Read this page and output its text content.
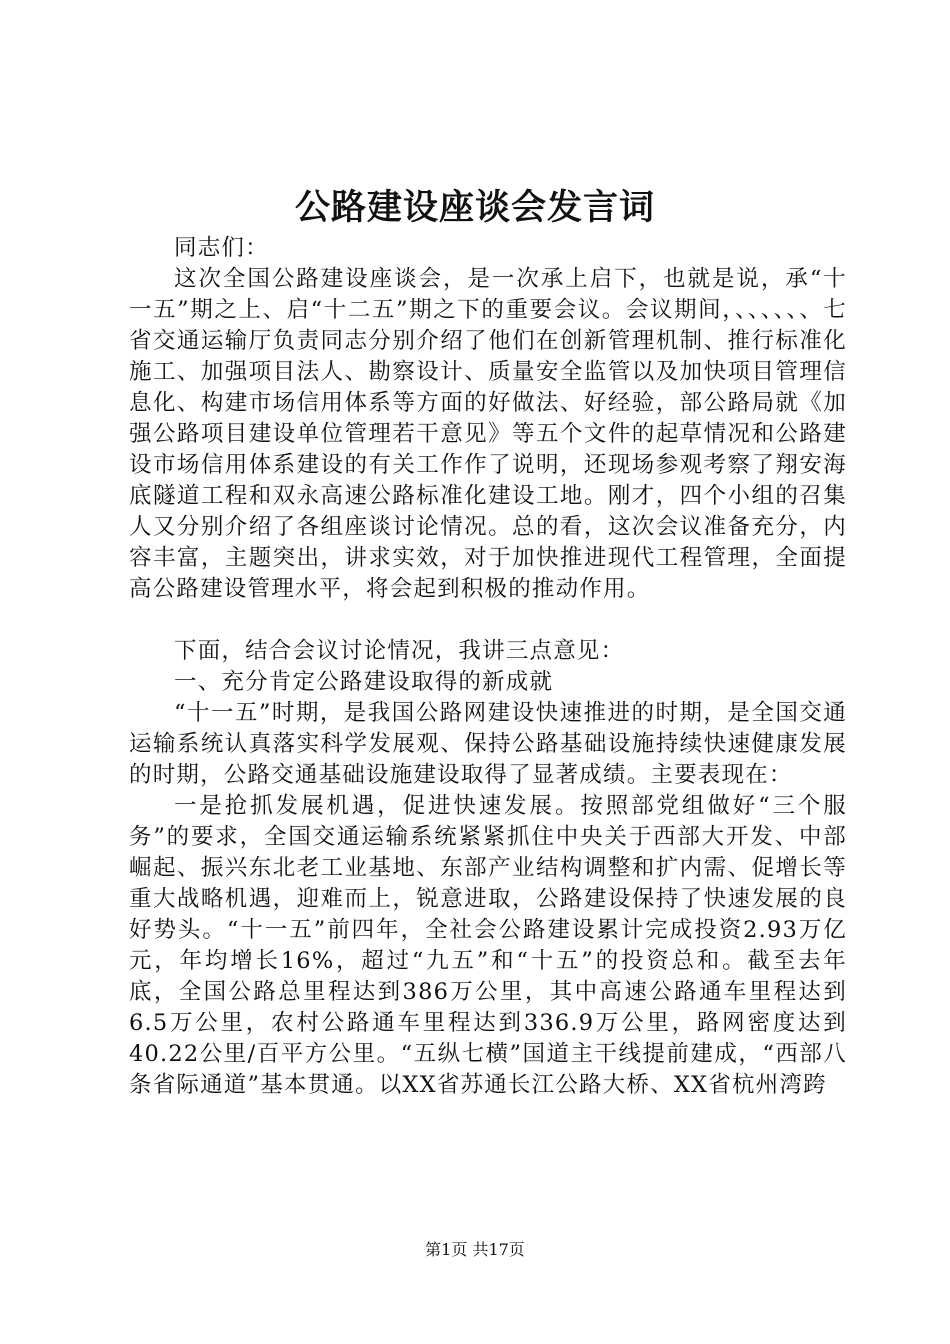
公路建设座谈会发言词

同志们：

这次全国公路建设座谈会，是一次承上启下，也就是说，承“十一五”期之上、启“十二五”期之下的重要会议。会议期间，、、、、、、七省交通运输厅负责同志分别介绍了他们在创新管理机制、推行标准化施工、加强项目法人、勘察设计、质量安全监管以及加快项目管理信息化、构建市场信用体系等方面的好做法、好经验，部公路局就《加强公路项目建设单位管理若干意见》等五个文件的起草情况和公路建设市场信用体系建设的有关工作作了说明，还现场参观考察了翔安海底隧道工程和双永高速公路标准化建设工地。刚才，四个小组的召集人又分别介绍了各组座谈讨论情况。总的看，这次会议准备充分，内容丰富，主题突出，讲求实效，对于加快推进现代工程管理，全面提高公路建设管理水平，将会起到积极的推动作用。

下面，结合会议讨论情况，我讲三点意见：

一、充分肯定公路建设取得的新成就

“十一五”时期，是我国公路网建设快速推进的时期，是全国交通运输系统认真落实科学发展观、保持公路基础设施持续快速健康发展的时期，公路交通基础设施建设取得了显著成绩。主要表现在：

一是抢抓发展机遇，促进快速发展。按照部党组做好“三个服务”的要求，全国交通运输系统紧紧抓住中央关于西部大开发、中部崛起、振兴东北老工业基地、东部产业结构调整和扩内需、促增长等重大战略机遇，迎难而上，锐意进取，公路建设保持了快速发展的良好势头。“十一五”前四年，全社会公路建设累计完成投资2.93万亿元，年均增长16%，超过“九五”和“十五”的投资总和。截至去年底，全国公路总里程达到386万公里，其中高速公路通车里程达到6.5万公里，农村公路通车里程达到336.9万公里，路网密度达到40.22公里/百平方公里。“五纵七横”国道主干线提前建成，“西部八条省际通道”基本贯通。以XX省苏通长江公路大桥、XX省杭州湾跨

第1页 共17页
